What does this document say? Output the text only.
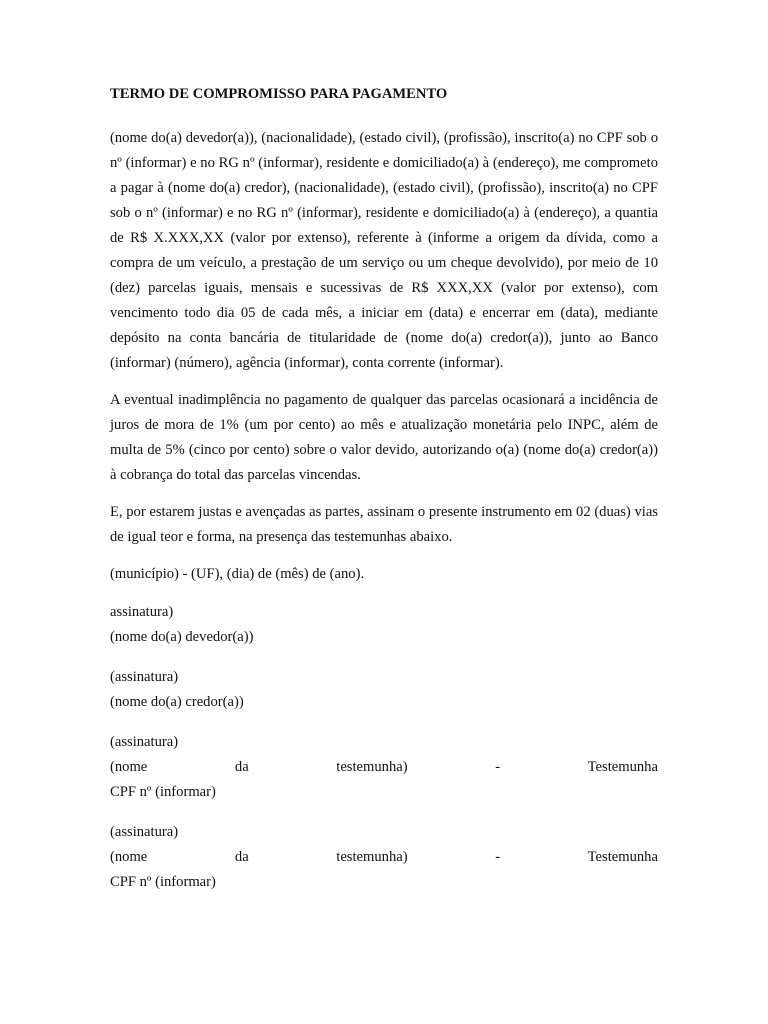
TERMO DE COMPROMISSO PARA PAGAMENTO

(nome do(a) devedor(a)), (nacionalidade), (estado civil), (profissão), inscrito(a) no CPF sob o nº (informar) e no RG nº (informar), residente e domiciliado(a) à (endereço), me comprometo a pagar à (nome do(a) credor), (nacionalidade), (estado civil), (profissão), inscrito(a) no CPF sob o nº (informar) e no RG nº (informar), residente e domiciliado(a) à (endereço), a quantia de R$ X.XXX,XX (valor por extenso), referente à (informe a origem da dívida, como a compra de um veículo, a prestação de um serviço ou um cheque devolvido), por meio de 10 (dez) parcelas iguais, mensais e sucessivas de R$ XXX,XX (valor por extenso), com vencimento todo dia 05 de cada mês, a iniciar em (data) e encerrar em (data), mediante depósito na conta bancária de titularidade de (nome do(a) credor(a)), junto ao Banco (informar) (número), agência (informar), conta corrente (informar).

A eventual inadimplência no pagamento de qualquer das parcelas ocasionará a incidência de juros de mora de 1% (um por cento) ao mês e atualização monetária pelo INPC, além de multa de 5% (cinco por cento) sobre o valor devido, autorizando o(a) (nome do(a) credor(a)) à cobrança do total das parcelas vincendas.

E, por estarem justas e avençadas as partes, assinam o presente instrumento em 02 (duas) vias de igual teor e forma, na presença das testemunhas abaixo.

(município) - (UF), (dia) de (mês) de (ano).
assinatura)
(nome do(a) devedor(a))
(assinatura)
(nome do(a) credor(a))
(assinatura)
(nome	da	testemunha)	-	Testemunha
CPF nº (informar)
(assinatura)
(nome	da	testemunha)	-	Testemunha
CPF nº (informar)
